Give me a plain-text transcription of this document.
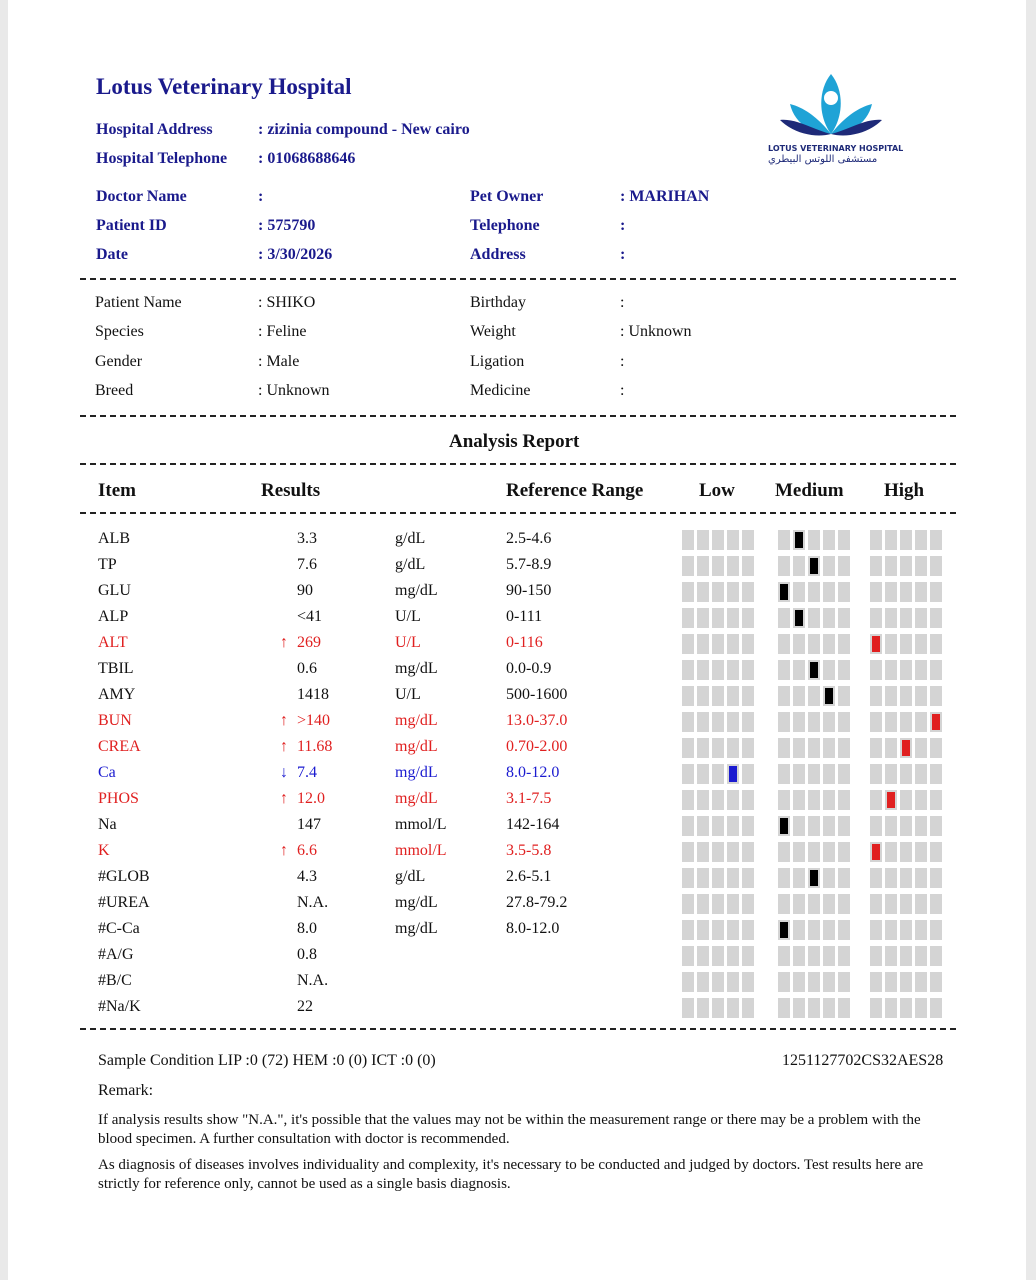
Lotus Veterinary Hospital
Hospital Address	: zizinia compound - New cairo
Hospital Telephone : 01068688646
LOTUS VETERINARY HOSPITAL
مستشفى اللوتس البيطري
Doctor Name	:
Patient ID	: 575790
Date	: 3/30/2026
Pet Owner	: MARIHAN
Telephone	:
Address	:
Patient Name	: SHIKO
Species	: Feline
Gender	: Male
Breed	: Unknown
Birthday	:
Weight	: Unknown
Ligation	:
Medicine	:
Analysis Report
Item	Results	Reference Range	Low Medium High
ALB	3.3	g/dL	2.5-4.6
TP	7.6	g/dL	5.7-8.9
GLU	90	mg/dL	90-150
ALP	<41	U/L	0-111
ALT	↑ 269	U/L	0-116
TBIL	0.6	mg/dL	0.0-0.9
AMY	1418	U/L	500-1600
BUN	↑ >140	mg/dL	13.0-37.0
CREA	↑ 11.68	mg/dL	0.70-2.00
Ca	↓ 7.4	mg/dL	8.0-12.0
PHOS	↑ 12.0	mg/dL	3.1-7.5
Na	147	mmol/L	142-164
K	↑ 6.6	mmol/L	3.5-5.8
#GLOB	4.3	g/dL	2.6-5.1
#UREA	N.A.	mg/dL	27.8-79.2
#C-Ca	8.0	mg/dL	8.0-12.0
#A/G	0.8
#B/C	N.A.
#Na/K	22
Sample Condition LIP :0 (72) HEM :0 (0) ICT :0 (0)	1251127702CS32AES28
Remark:
If analysis results show "N.A.", it's possible that the values may not be within the measurement range or there may be a problem with the blood specimen. A further consultation with doctor is recommended.
As diagnosis of diseases involves individuality and complexity, it's necessary to be conducted and judged by doctors. Test results here are strictly for reference only, cannot be used as a single basis diagnosis.
